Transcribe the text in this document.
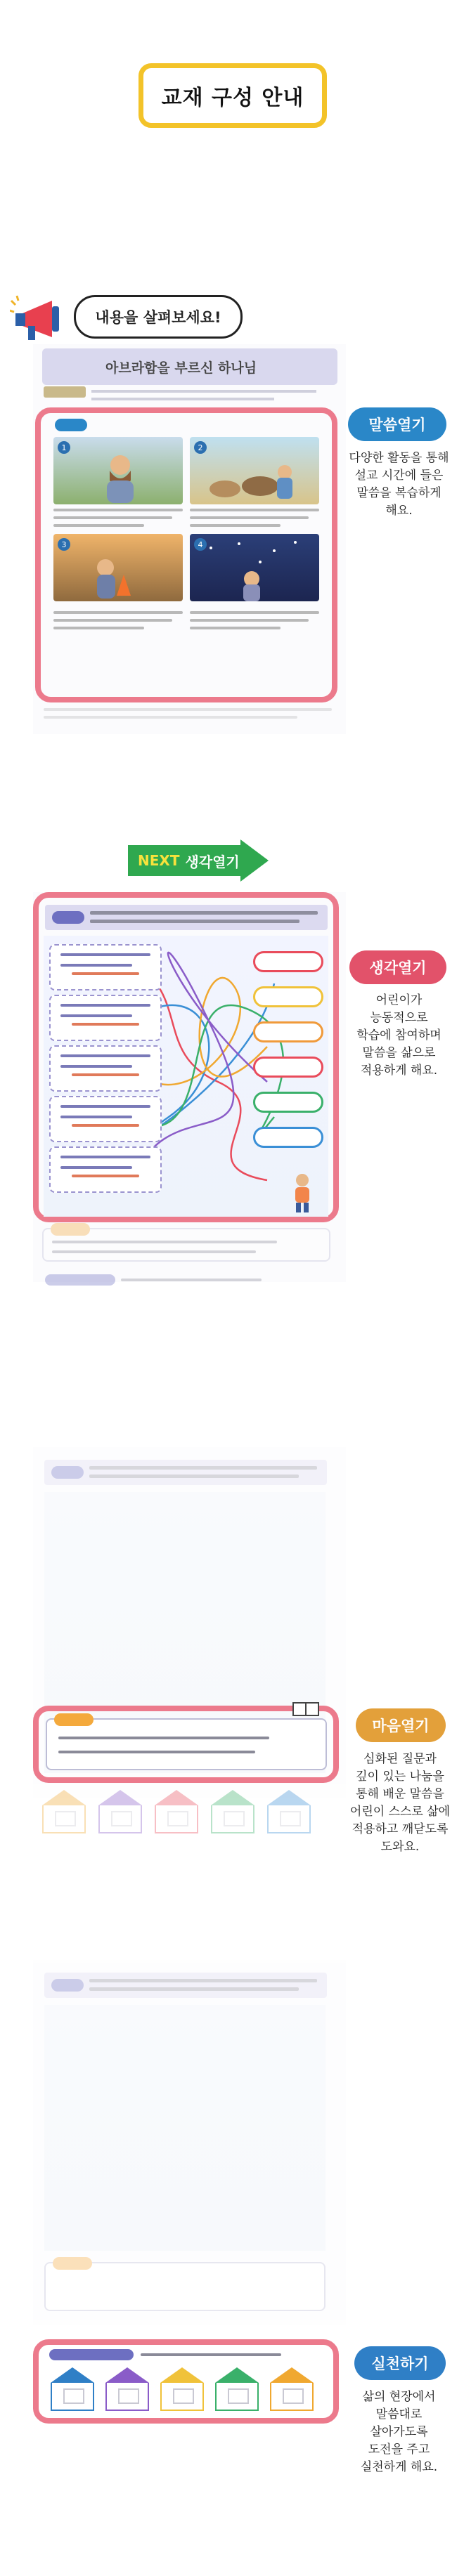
교재 구성 안내
내용을 살펴보세요!
아브라함을 부르신 하나님
1	2
3	4
말씀열기
다양한 활동을 통해
설교 시간에 들은
말씀을 복습하게
해요.
NEXT 생각열기
생각열기
어린이가
능동적으로
학습에 참여하며
말씀을 삶으로
적용하게 해요.
마음열기
심화된 질문과
깊이 있는 나눔을
통해 배운 말씀을
어린이 스스로 삶에
적용하고 깨닫도록
도와요.
실천하기
삶의 현장에서
말씀대로
살아가도록
도전을 주고
실천하게 해요.
